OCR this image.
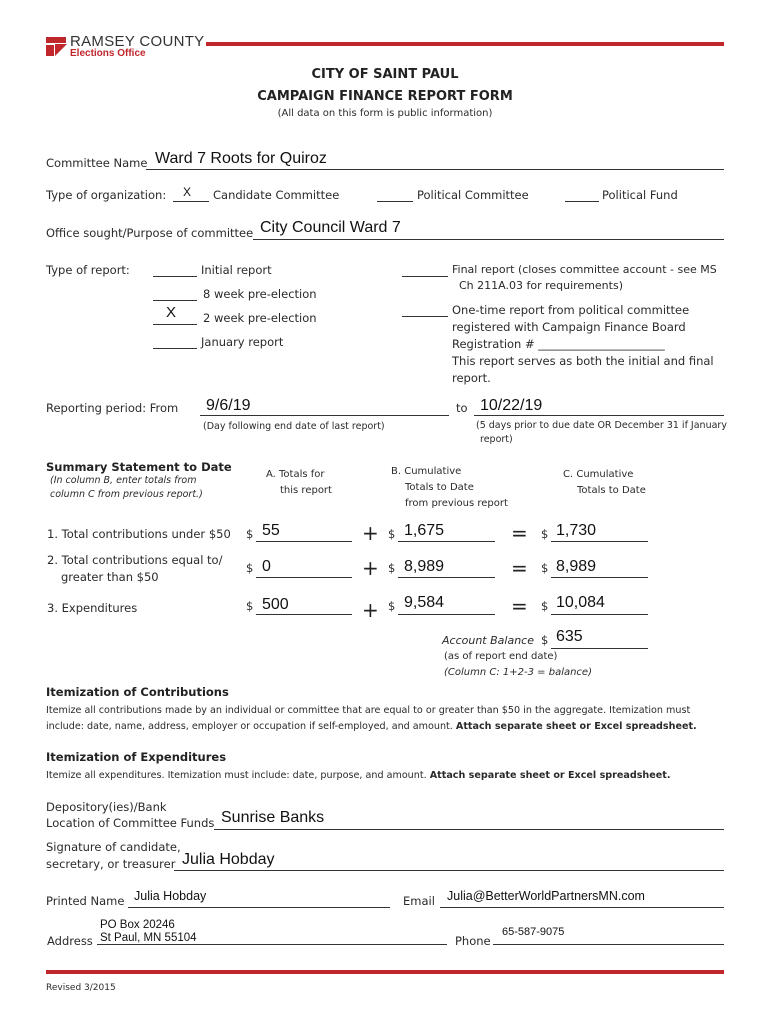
RAMSEY COUNTY
Elections Office
CITY OF SAINT PAUL
CAMPAIGN FINANCE REPORT FORM
(All data on this form is public information)
Committee Name Ward 7 Roots for Quiroz
Type of organization: X Candidate Committee	Political Committee	Political Fund
Office sought/Purpose of committee City Council Ward 7
Type of report:	Initial report
8 week pre-election
X 2 week pre-election
January report
Final report (closes committee account - see MS
Ch 211A.03 for requirements)
One-time report from political committee
registered with Campaign Finance Board
Registration # ______________________
This report serves as both the initial and final
report.
Reporting period: From 9/6/19	to 10/22/19
(Day following end date of last report)	(5 days prior to due date OR December 31 if January
report)
Summary Statement to Date
(In column B, enter totals from
column C from previous report.)
A. Totals for
this report
B. Cumulative
Totals to Date
from previous report
C. Cumulative
Totals to Date
1. Total contributions under $50 $ 55	+ $ 1,675	= $ 1,730
2. Total contributions equal to/
greater than $50
$ 0	+ $ 8,989	= $ 8,989
3. Expenditures	$ 500	+ $ 9,584	= $ 10,084
Account Balance $ 635
(as of report end date)
(Column C: 1+2-3 = balance)
Itemization of Contributions
Itemize all contributions made by an individual or committee that are equal to or greater than $50 in the aggregate. Itemization must
include: date, name, address, employer or occupation if self-employed, and amount. Attach separate sheet or Excel spreadsheet.
Itemization of Expenditures
Itemize all expenditures. Itemization must include: date, purpose, and amount. Attach separate sheet or Excel spreadsheet.
Depository(ies)/Bank
Location of Committee Funds Sunrise Banks
Signature of candidate,
secretary, or treasurer Julia Hobday
Printed Name Julia Hobday	Email Julia@BetterWorldPartnersMN.com
PO Box 20246
Address St Paul, MN 55104	Phone
65-587-9075
Revised 3/2015
